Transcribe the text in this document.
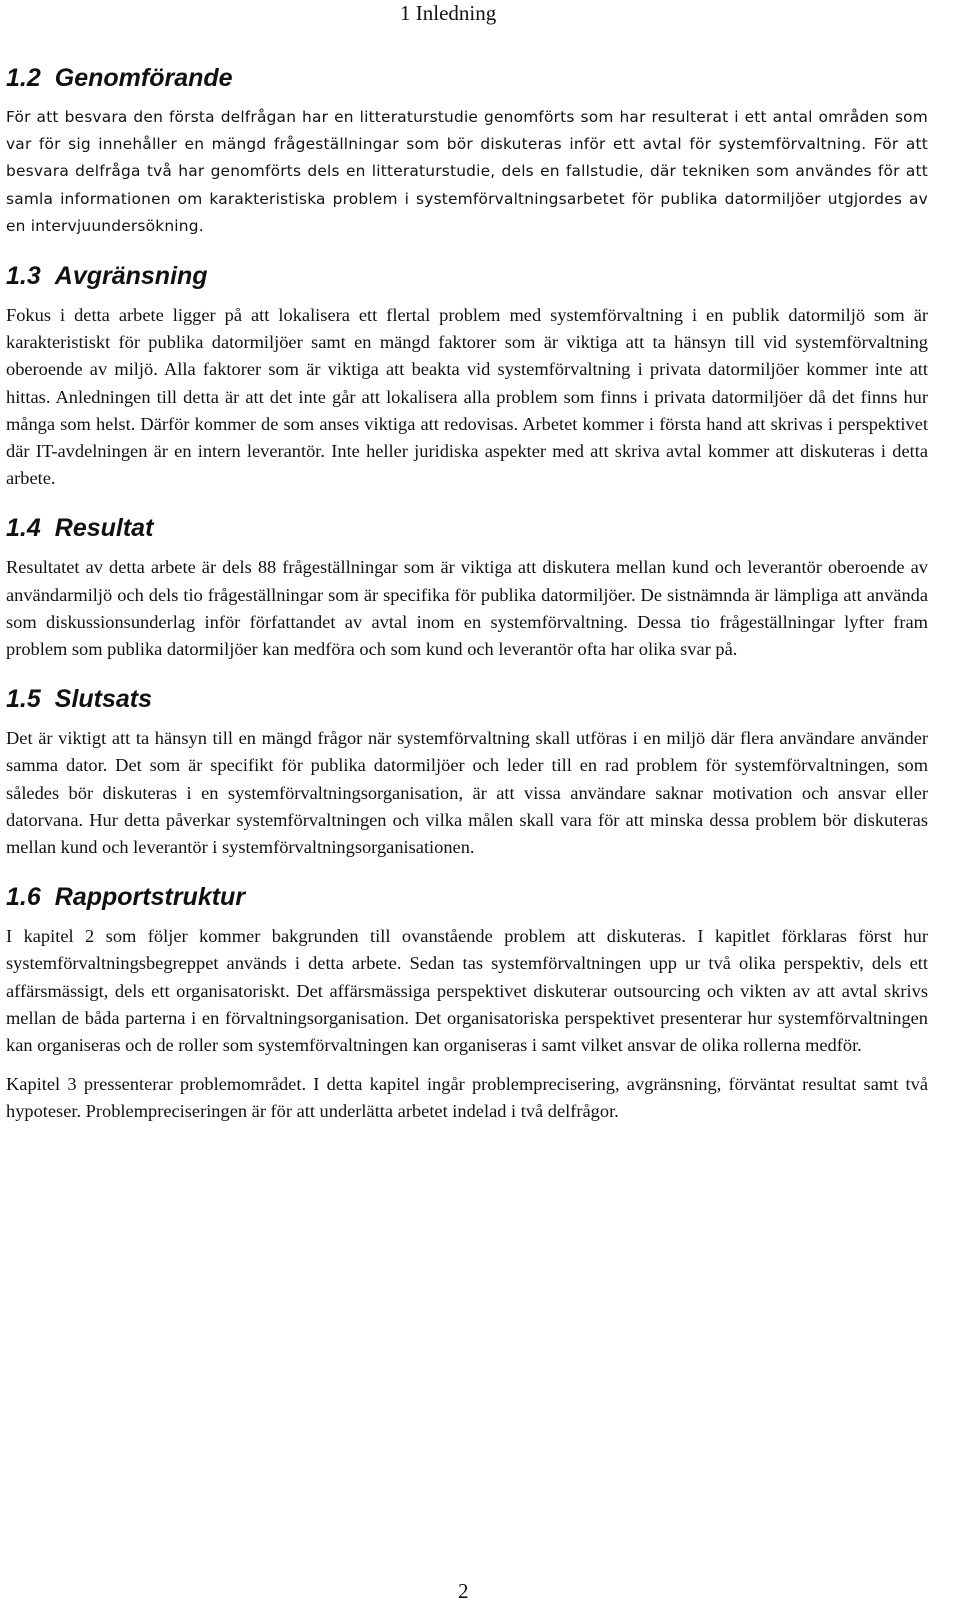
1 Inledning
1.2 Genomförande

För att besvara den första delfrågan har en litteraturstudie genomförts som har resulterat i ett antal områden som var för sig innehåller en mängd frågeställningar som bör diskuteras inför ett avtal för systemförvaltning. För att besvara delfråga två har genomförts dels en litteraturstudie, dels en fallstudie, där tekniken som användes för att samla informationen om karakteristiska problem i systemförvaltningsarbetet för publika datormiljöer utgjordes av en intervjuundersökning.

1.3 Avgränsning

Fokus i detta arbete ligger på att lokalisera ett flertal problem med systemförvaltning i en publik datormiljö som är karakteristiskt för publika datormiljöer samt en mängd faktorer som är viktiga att ta hänsyn till vid systemförvaltning oberoende av miljö. Alla faktorer som är viktiga att beakta vid systemförvaltning i privata datormiljöer kommer inte att hittas. Anledningen till detta är att det inte går att lokalisera alla problem som finns i privata datormiljöer då det finns hur många som helst. Därför kommer de som anses viktiga att redovisas. Arbetet kommer i första hand att skrivas i perspektivet där IT-avdelningen är en intern leverantör. Inte heller juridiska aspekter med att skriva avtal kommer att diskuteras i detta arbete.

1.4 Resultat

Resultatet av detta arbete är dels 88 frågeställningar som är viktiga att diskutera mellan kund och leverantör oberoende av användarmiljö och dels tio frågeställningar som är specifika för publika datormiljöer. De sistnämnda är lämpliga att använda som diskussionsunderlag inför författandet av avtal inom en systemförvaltning. Dessa tio frågeställningar lyfter fram problem som publika datormiljöer kan medföra och som kund och leverantör ofta har olika svar på.

1.5 Slutsats

Det är viktigt att ta hänsyn till en mängd frågor när systemförvaltning skall utföras i en miljö där flera användare använder samma dator. Det som är specifikt för publika datormiljöer och leder till en rad problem för systemförvaltningen, som således bör diskuteras i en systemförvaltningsorganisation, är att vissa användare saknar motivation och ansvar eller datorvana. Hur detta påverkar systemförvaltningen och vilka målen skall vara för att minska dessa problem bör diskuteras mellan kund och leverantör i systemförvaltningsorganisationen.

1.6 Rapportstruktur

I kapitel 2 som följer kommer bakgrunden till ovanstående problem att diskuteras. I kapitlet förklaras först hur systemförvaltningsbegreppet används i detta arbete. Sedan tas systemförvaltningen upp ur två olika perspektiv, dels ett affärsmässigt, dels ett organisatoriskt. Det affärsmässiga perspektivet diskuterar outsourcing och vikten av att avtal skrivs mellan de båda parterna i en förvaltningsorganisation. Det organisatoriska perspektivet presenterar hur systemförvaltningen kan organiseras och de roller som systemförvaltningen kan organiseras i samt vilket ansvar de olika rollerna medför.

Kapitel 3 pressenterar problemområdet. I detta kapitel ingår problemprecisering, avgränsning, förväntat resultat samt två hypoteser. Problempreciseringen är för att underlätta arbetet indelad i två delfrågor.

2
